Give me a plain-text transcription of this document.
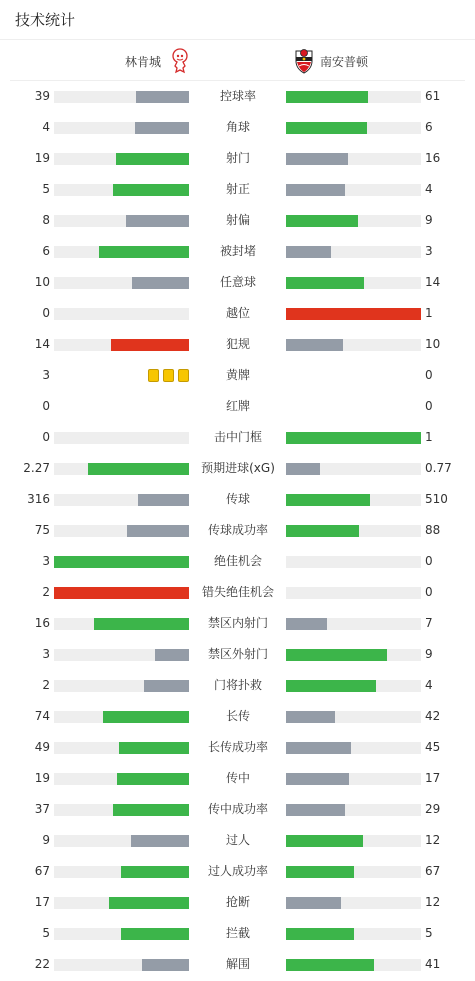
技术统计
林肯城	南安普顿
39	控球率	61
4	角球	6
19	射门	16
5	射正	4
8	射偏	9
6	被封堵	3
10	任意球	14
0	越位	1
14	犯规	10
3	黄牌	0
0	红牌	0
0	击中门框	1
2.27	预期进球(xG)	0.77
316	传球	510
75	传球成功率	88
3	绝佳机会	0
2	错失绝佳机会	0
16	禁区内射门	7
3	禁区外射门	9
2	门将扑救	4
74	长传	42
49	长传成功率	45
19	传中	17
37	传中成功率	29
9	过人	12
67	过人成功率	67
17	抢断	12
5	拦截	5
22	解围	41
